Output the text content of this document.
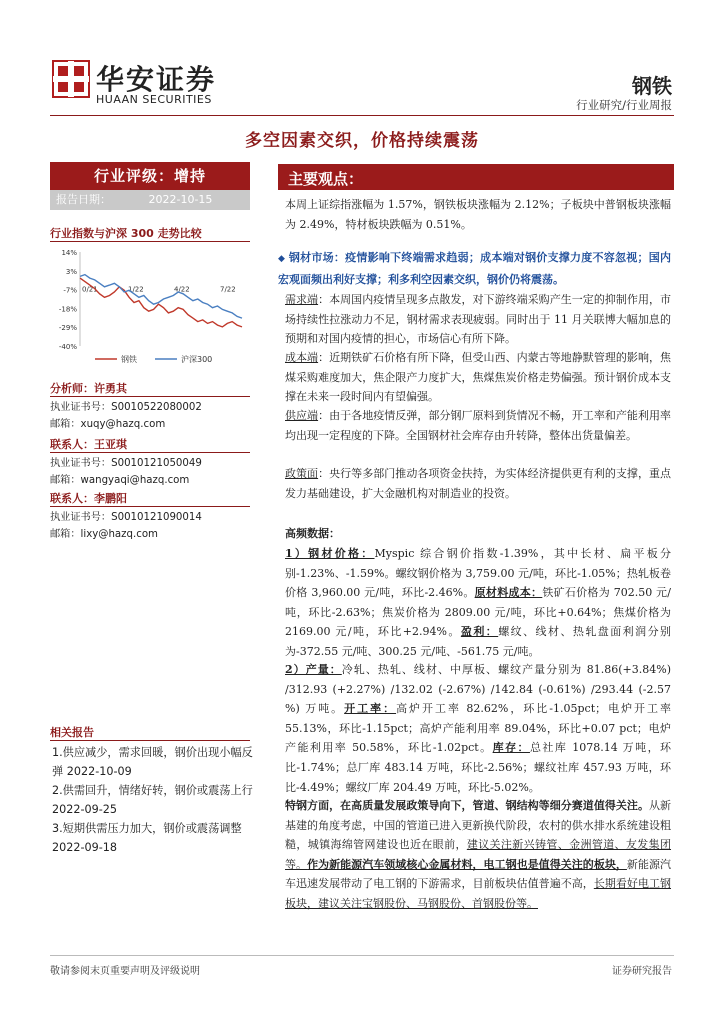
华安证券
HUAAN SECURITIES
钢铁
行业研究/行业周报
多空因素交织，价格持续震荡
行业评级：增持
报告日期：	2022-10-15
行业指数与沪深 300 走势比较
14%
3%
-7%
-18%
-29%
-40%
0/21	1/22	4/22	7/22
钢铁	沪深300
分析师：许勇其
执业证书号：S0010522080002
邮箱：xuqy@hazq.com
联系人：王亚琪
执业证书号：S0010121050049
邮箱：wangyaqi@hazq.com
联系人：李鹏阳
执业证书号：S0010121090014
邮箱：lixy@hazq.com
相关报告
1.供应减少，需求回暖，钢价出现小幅反弹 2022-10-09
2.供需回升，情绪好转，钢价或震荡上行 2022-09-25
3.短期供需压力加大，钢价或震荡调整 2022-09-18
主要观点：
本周上证综指涨幅为 1.57%，钢铁板块涨幅为 2.12%；子板块中普钢板块涨幅为 2.49%，特材板块跌幅为 0.51%。
◆ 钢材市场：疫情影响下终端需求趋弱；成本端对钢价支撑力度不容忽视；国内宏观面频出利好支撑；利多利空因素交织，钢价仍将震荡。
需求端：本周国内疫情呈现多点散发，对下游终端采购产生一定的抑制作用，市场持续性拉涨动力不足，钢材需求表现疲弱。同时出于 11 月关联博大幅加息的预期和对国内疫情的担心，市场信心有所下降。
成本端：近期铁矿石价格有所下降，但受山西、内蒙古等地静默管理的影响，焦煤采购难度加大，焦企限产力度扩大，焦煤焦炭价格走势偏强。预计钢价成本支撑在未来一段时间内有望偏强。
供应端：由于各地疫情反弹，部分钢厂原料到货情况不畅，开工率和产能利用率均出现一定程度的下降。全国钢材社会库存由升转降，整体出货量偏差。
政策面：央行等多部门推动各项资金扶持，为实体经济提供更有利的支撑，重点发力基础建设，扩大金融机构对制造业的投资。
高频数据：
1）钢材价格：Myspic 综合钢价指数-1.39%，其中长材、扁平板分别-1.23%、-1.59%。螺纹钢价格为 3,759.00 元/吨，环比-1.05%；热轧板卷价格 3,960.00 元/吨，环比-2.46%。原材料成本：铁矿石价格为 702.50 元/吨，环比-2.63%；焦炭价格为 2809.00 元/吨，环比+0.64%；焦煤价格为 2169.00 元/吨，环比+2.94%。盈利：螺纹、线材、热轧盘面利润分别为-372.55 元/吨、300.25 元/吨、-561.75 元/吨。
2）产量：冷轧、热轧、线材、中厚板、螺纹产量分别为 81.86(+3.84%) /312.93 (+2.27%) /132.02 (-2.67%) /142.84 (-0.61%) /293.44 (-2.57 %) 万吨。开工率：高炉开工率 82.62%，环比-1.05pct；电炉开工率 55.13%，环比-1.15pct；高炉产能利用率 89.04%，环比+0.07 pct；电炉产能利用率 50.58%，环比-1.02pct。库存：总社库 1078.14 万吨，环比-1.74%；总厂库 483.14 万吨，环比-2.56%；螺纹社库 457.93 万吨，环比-4.49%；螺纹厂库 204.49 万吨，环比-5.02%。
特钢方面，在高质量发展政策导向下，管道、钢结构等细分赛道值得关注。从新基建的角度考虑，中国的管道已进入更新换代阶段，农村的供水排水系统建设粗糙，城镇海绵管网建设也近在眼前，建议关注新兴铸管、金洲管道、友发集团等。作为新能源汽车领域核心金属材料，电工钢也是值得关注的板块，新能源汽车迅速发展带动了电工钢的下游需求，目前板块估值普遍不高，长期看好电工钢板块，建议关注宝钢股份、马钢股份、首钢股份等。
敬请参阅末页重要声明及评级说明	证券研究报告
